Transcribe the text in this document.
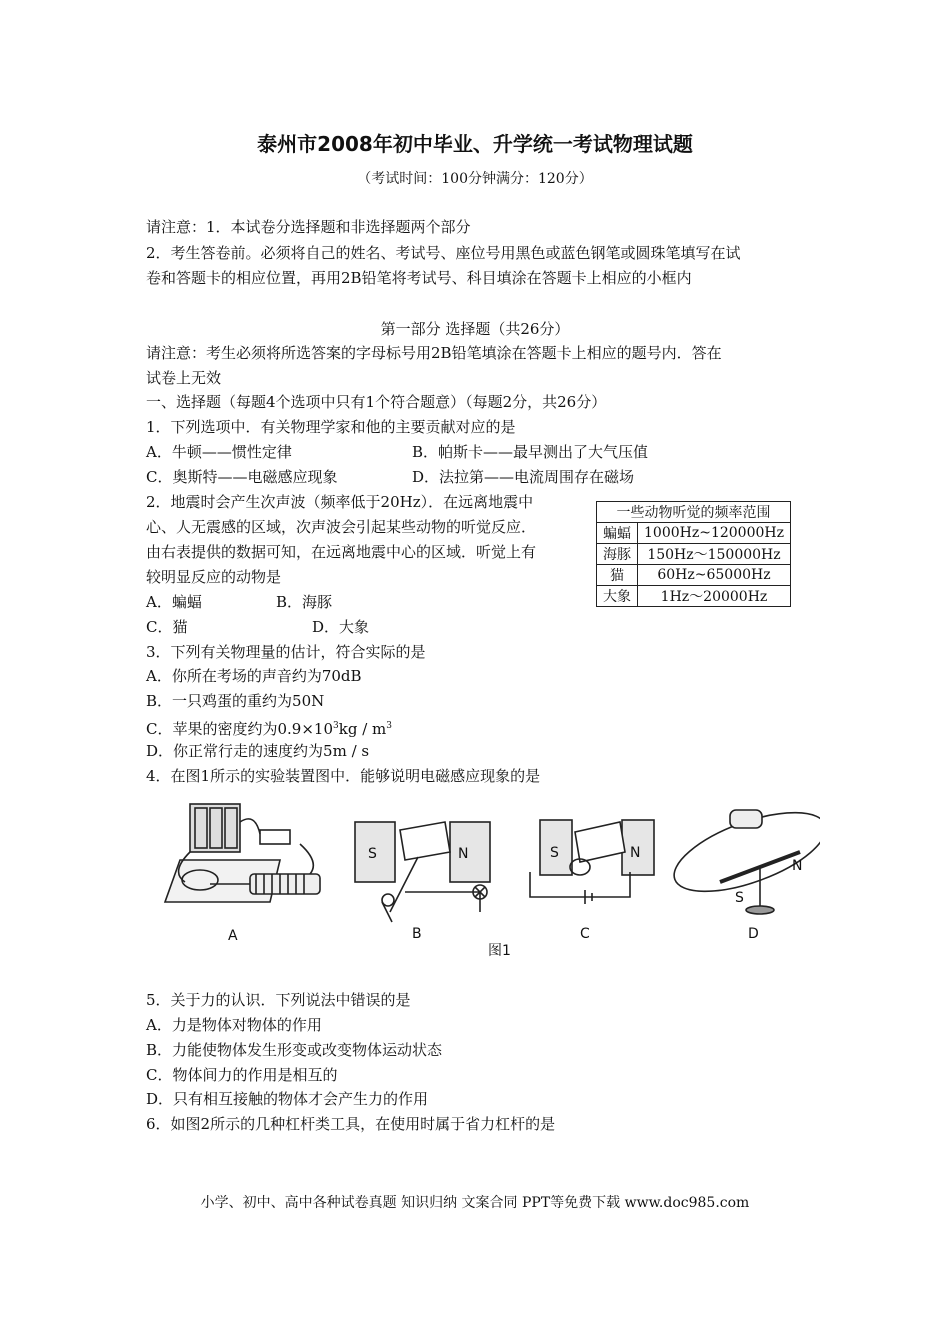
泰州市2008年初中毕业、升学统一考试物理试题
（考试时间：100分钟满分：120分）
请注意：1．本试卷分选择题和非选择题两个部分
2．考生答卷前。必须将自己的姓名、考试号、座位号用黑色或蓝色钢笔或圆珠笔填写在试
卷和答题卡的相应位置，再用2B铅笔将考试号、科目填涂在答题卡上相应的小框内
第一部分 选择题（共26分）
请注意：考生必须将所选答案的字母标号用2B铅笔填涂在答题卡上相应的题号内．答在
试卷上无效
一、选择题（每题4个选项中只有1个符合题意）（每题2分，共26分）
1．下列选项中．有关物理学家和他的主要贡献对应的是
A．牛顿——惯性定律	B．帕斯卡——最早测出了大气压值
C．奥斯特——电磁感应现象	D．法拉第——电流周围存在磁场
2．地震时会产生次声波（频率低于20Hz）．在远离地震中
心、人无震感的区域，次声波会引起某些动物的听觉反应．
由右表提供的数据可知，在远离地震中心的区域．听觉上有
较明显反应的动物是
A．蝙蝠	B．海豚
C．猫	D．大象
一些动物听觉的频率范围	
蝙蝠	1000Hz~120000Hz
海豚	150Hz～150000Hz
猫	60Hz~65000Hz
大象	1Hz～20000Hz
3．下列有关物理量的估计，符合实际的是
A．你所在考场的声音约为70dB
B．一只鸡蛋的重约为50N
C．苹果的密度约为$0.9\times 10^3kg / m^3$
D．你正常行走的速度约为5m / s
4．在图1所示的实验装置图中．能够说明电磁感应现象的是
S	N	S	N
S
N
A	B	C	D
图1
5．关于力的认识．下列说法中错误的是
A．力是物体对物体的作用
B．力能使物体发生形变或改变物体运动状态
C．物体间力的作用是相互的
D．只有相互接触的物体才会产生力的作用
6．如图2所示的几种杠杆类工具，在使用时属于省力杠杆的是
小学、初中、高中各种试卷真题 知识归纳 文案合同 PPT等免费下载 www.doc985.com
